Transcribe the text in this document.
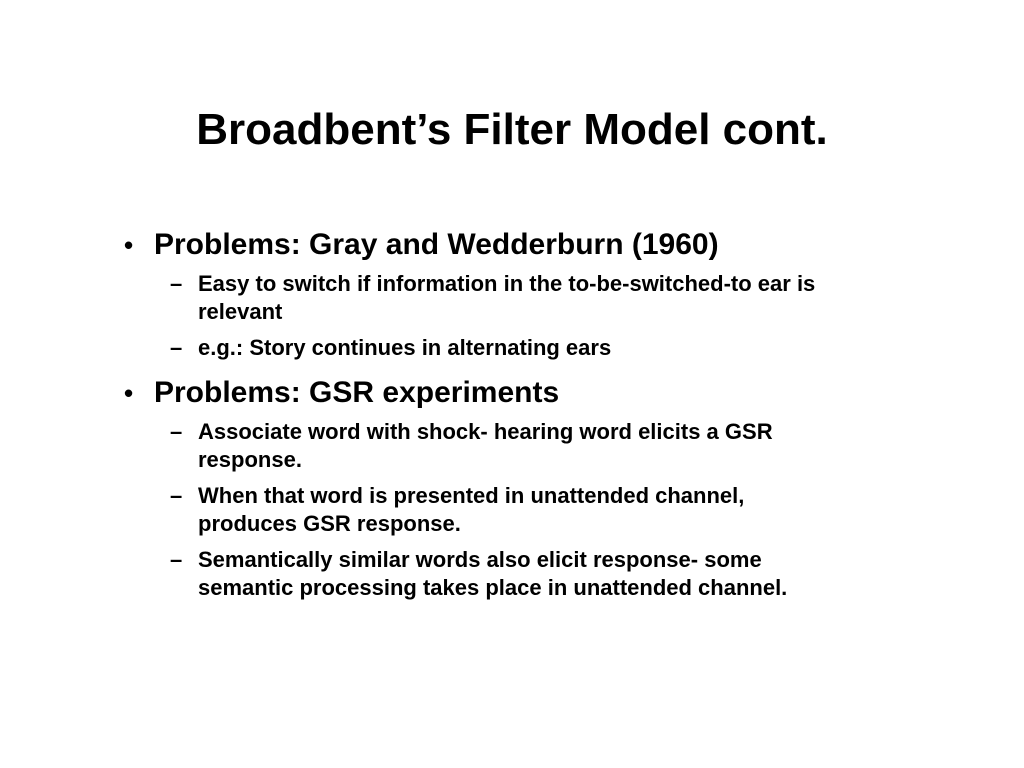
Broadbent’s Filter Model cont.
• Problems: Gray and Wedderburn (1960)
– Easy to switch if information in the to-be-switched-to ear is relevant
– e.g.: Story continues in alternating ears
• Problems: GSR experiments
– Associate word with shock- hearing word elicits a GSR response.
– When that word is presented in unattended channel, produces GSR response.
– Semantically similar words also elicit response- some semantic processing takes place in unattended channel.
